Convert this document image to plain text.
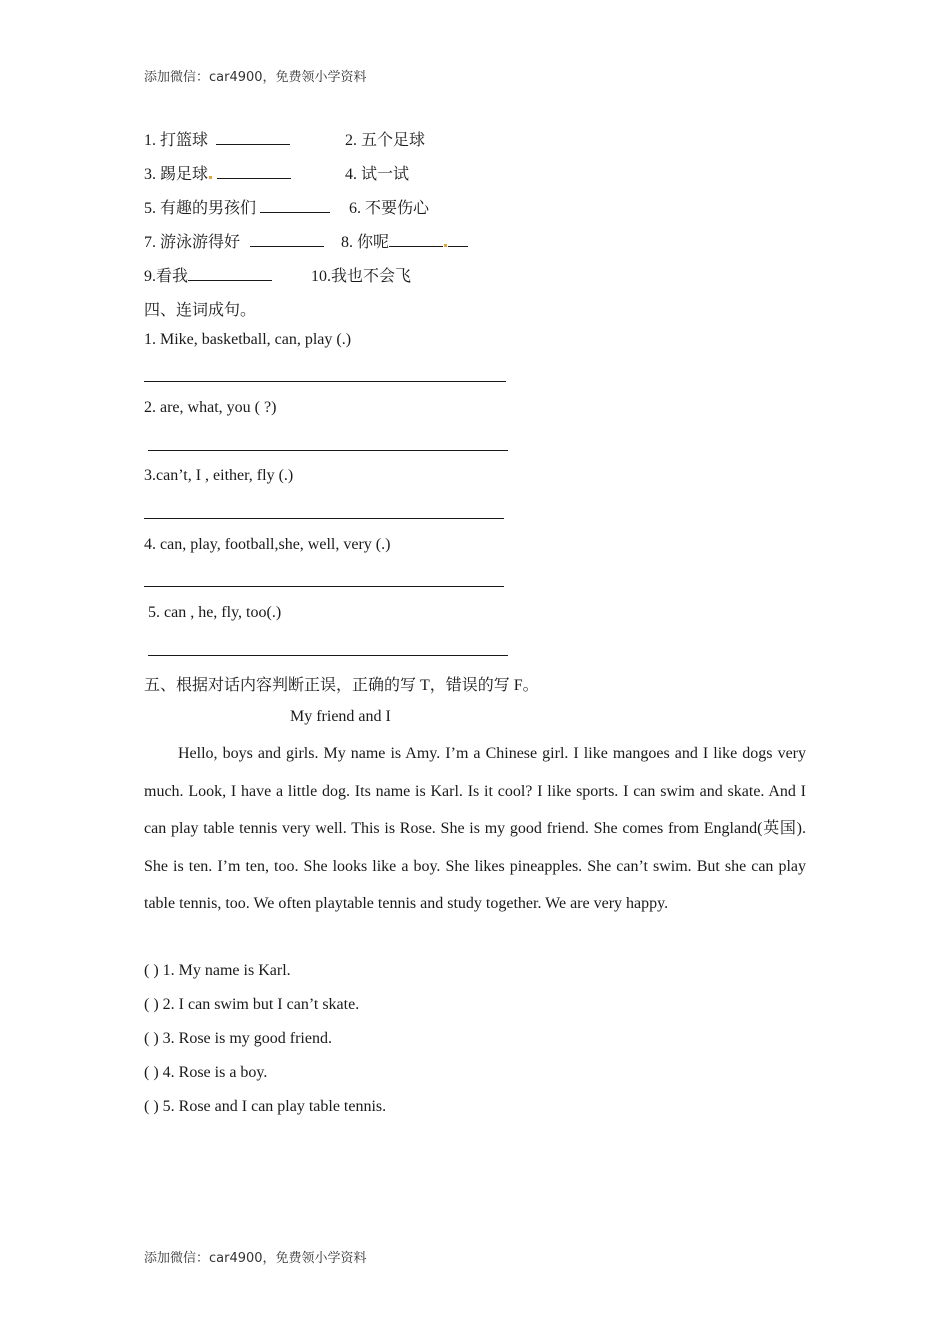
添加微信：car4900，免费领小学资料
1. 打篮球	2. 五个足球
3. 踢足球	4. 试一试
5. 有趣的男孩们	6. 不要伤心
7. 游泳游得好	8. 你呢
9.看我	10.我也不会飞
四、连词成句。
1. Mike, basketball, can, play (.)
2. are, what, you ( ?)
3.can’t, I , either, fly (.)
4. can, play, football,she, well, very (.)
5. can , he, fly, too(.)
五、根据对话内容判断正误，正确的写 T，错误的写 F。
My friend and I
Hello, boys and girls. My name is Amy. I’m a Chinese girl. I like mangoes and I like dogs very much. Look, I have a little dog. Its name is Karl. Is it cool? I like sports. I can swim and skate. And I can play table tennis very well. This is Rose. She is my good friend. She comes from England(英国). She is ten. I’m ten, too. She looks like a boy. She likes pineapples. She can’t swim. But she can play table tennis, too. We often playtable tennis and study together. We are very happy.
( ) 1. My name is Karl.
( ) 2. I can swim but I can’t skate.
( ) 3. Rose is my good friend.
( ) 4. Rose is a boy.
( ) 5. Rose and I can play table tennis.
添加微信：car4900，免费领小学资料
